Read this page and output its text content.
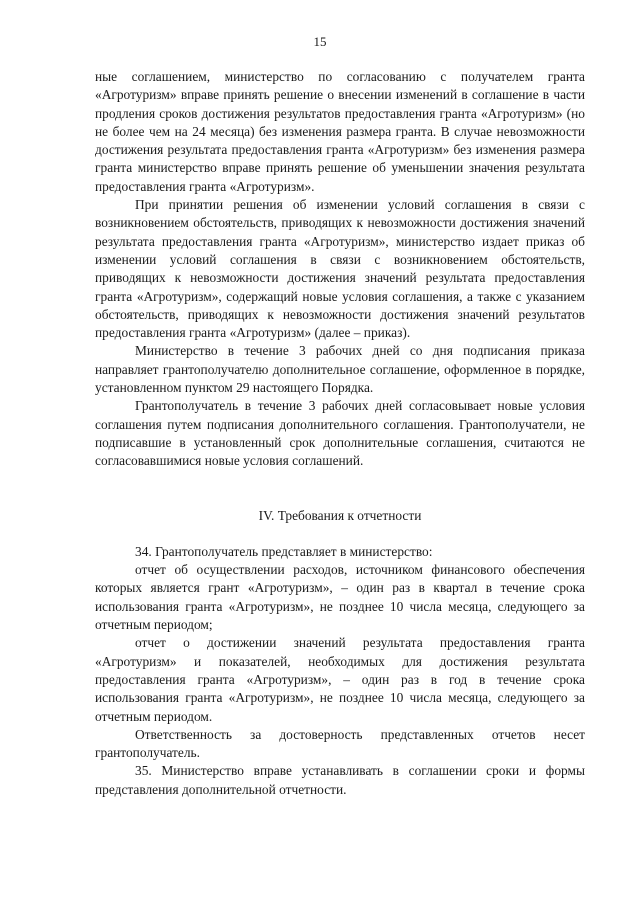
15

ные соглашением, министерство по согласованию с получателем гранта «Агротуризм» вправе принять решение о внесении изменений в соглашение в части продления сроков достижения результатов предоставления гранта «Агротуризм» (но не более чем на 24 месяца) без изменения размера гранта. В случае невозможности достижения результата предоставления гранта «Агротуризм» без изменения размера гранта министерство вправе принять решение об уменьшении значения результата предоставления гранта «Агротуризм».

При принятии решения об изменении условий соглашения в связи с возникновением обстоятельств, приводящих к невозможности достижения значений результата предоставления гранта «Агротуризм», министерство издает приказ об изменении условий соглашения в связи с возникновением обстоятельств, приводящих к невозможности достижения значений результата предоставления гранта «Агротуризм», содержащий новые условия соглашения, а также с указанием обстоятельств, приводящих к невозможности достижения значений результатов предоставления гранта «Агротуризм» (далее – приказ).

Министерство в течение 3 рабочих дней со дня подписания приказа направляет грантополучателю дополнительное соглашение, оформленное в порядке, установленном пунктом 29 настоящего Порядка.

Грантополучатель в течение 3 рабочих дней согласовывает новые условия соглашения путем подписания дополнительного соглашения. Грантополучатели, не подписавшие в установленный срок дополнительные соглашения, считаются не согласовавшимися новые условия соглашений.

IV. Требования к отчетности

34. Грантополучатель представляет в министерство:

отчет об осуществлении расходов, источником финансового обеспечения которых является грант «Агротуризм», – один раз в квартал в течение срока использования гранта «Агротуризм», не позднее 10 числа месяца, следующего за отчетным периодом;

отчет о достижении значений результата предоставления гранта «Агротуризм» и показателей, необходимых для достижения результата предоставления гранта «Агротуризм», – один раз в год в течение срока использования гранта «Агротуризм», не позднее 10 числа месяца, следующего за отчетным периодом.

Ответственность за достоверность представленных отчетов несет грантополучатель.

35. Министерство вправе устанавливать в соглашении сроки и формы представления дополнительной отчетности.
